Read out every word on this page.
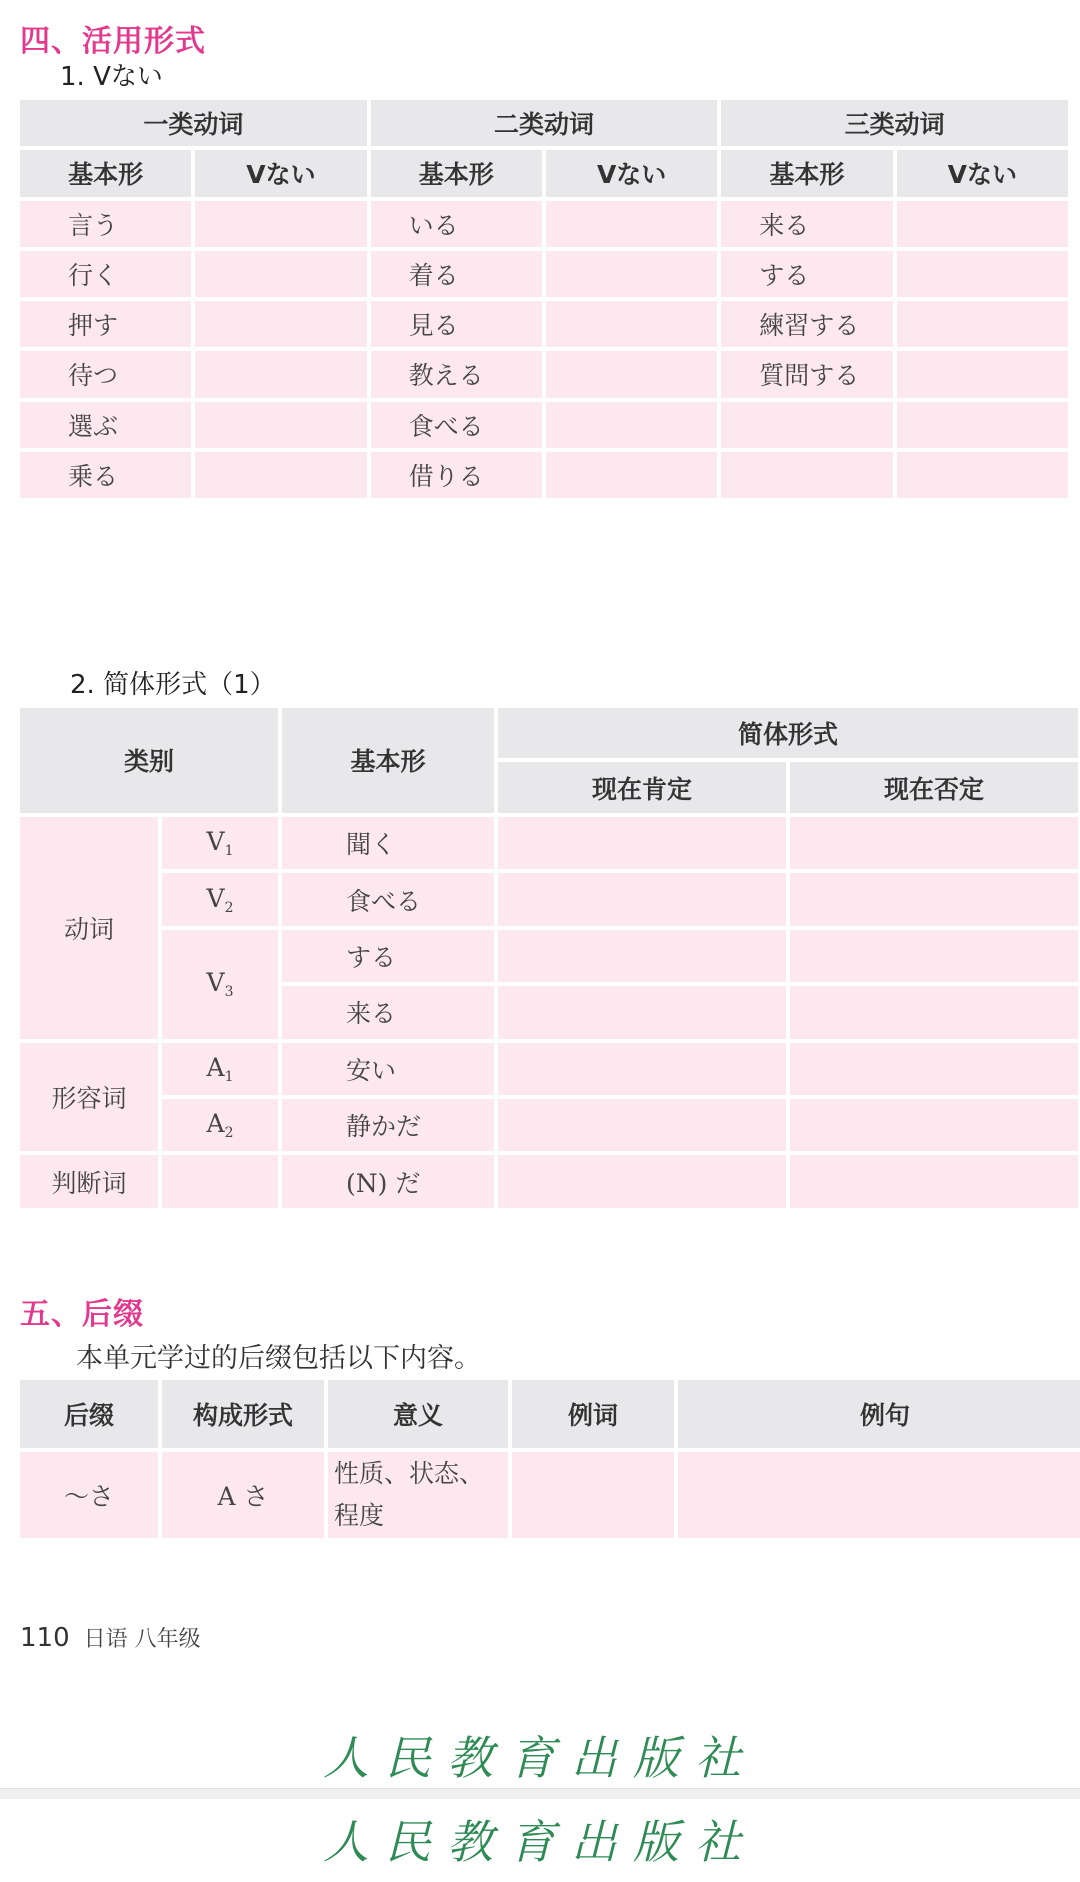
四、活用形式
1. Vない
一类动词		二类动词		三类动词	
基本形	Vない	基本形	Vない	基本形	Vない
言う		いる		来る	
行く		着る		する	
押す		見る		練習する	
待つ		教える		質問する	
選ぶ		食べる			
乗る		借りる			
2. 简体形式（1）
类别		基本形	简体形式	
			现在肯定	现在否定
动词	$V_1$	聞く		
	$V_2$	食べる		
	$V_3$	する		
		来る		
形容词	$A_1$	安い		
	$A_2$	静かだ		
判断词		(N) だ		
五、后缀
本单元学过的后缀包括以下内容。
后缀	构成形式	意义	例词	例句
～さ	A さ	性质、状态、
程度		

110 日语 八年级
人民教育出版社
人民教育出版社
